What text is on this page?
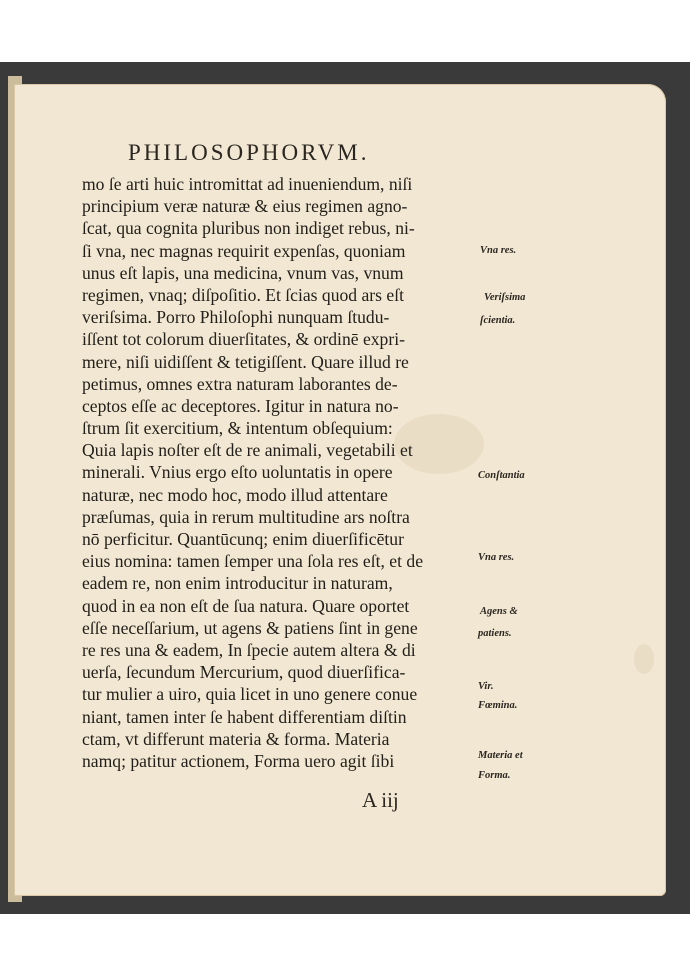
PHILOSOPHORVM.
mo ſe arti huic intromittat ad inueniendum, niſi
principium veræ naturæ & eius regimen agno-
ſcat, qua cognita pluribus non indiget rebus, ni-
ſi vna, nec magnas requirit expenſas, quoniam
unus eſt lapis, una medicina, vnum vas, vnum
regimen, vnaq; diſpoſitio. Et ſcias quod ars eſt
veriſsima. Porro Philoſophi nunquam ſtudu-
iſſent tot colorum diuerſitates, & ordinē expri-
mere, niſi uidiſſent & tetigiſſent. Quare illud re
petimus, omnes extra naturam laborantes de-
ceptos eſſe ac deceptores. Igitur in natura no-
ſtrum ſit exercitium, & intentum obſequium:
Quia lapis noſter eſt de re animali, vegetabili et
minerali. Vnius ergo eſto uoluntatis in opere
naturæ, nec modo hoc, modo illud attentare
præſumas, quia in rerum multitudine ars noſtra
nō perficitur. Quantūcunq; enim diuerſificētur
eius nomina: tamen ſemper una ſola res eſt, et de
eadem re, non enim introducitur in naturam,
quod in ea non eſt de ſua natura. Quare oportet
eſſe neceſſarium, ut agens & patiens ſint in gene
re res una & eadem, In ſpecie autem altera & di
uerſa, ſecundum Mercurium, quod diuerſifica-
tur mulier a uiro, quia licet in uno genere conue
niant, tamen inter ſe habent differentiam diſtin
ctam, vt differunt materia & forma. Materia
namq; patitur actionem, Forma uero agit ſibi
Vna res.
Veriſsima
ſcientia.
Conſtantia
Vna res.
Agens &
patiens.
Vir.
Fœmina.
Materia et
Forma.
A iij
